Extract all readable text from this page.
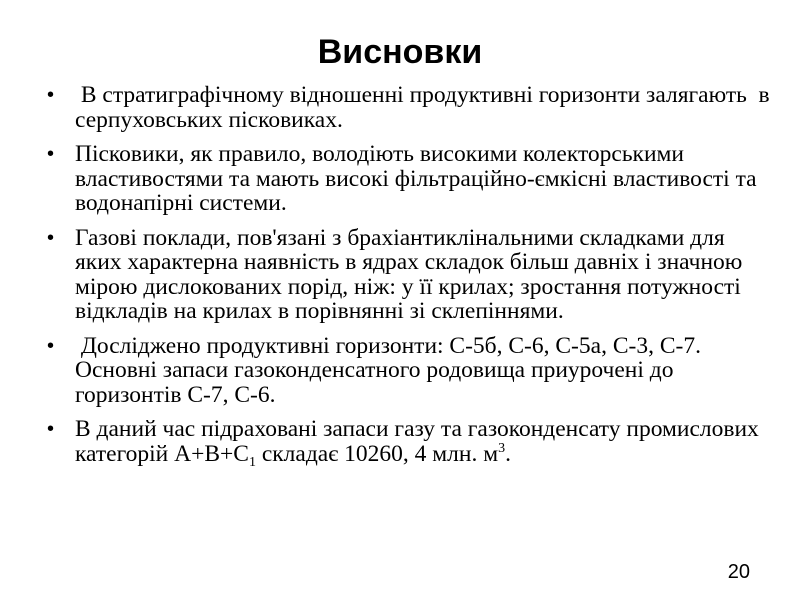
Висновки
• В стратиграфічному відношенні продуктивні горизонти залягають  в серпуховських пісковиках.
• Пісковики, як правило, володіють високими колекторськими властивостями та мають високі фільтраційно-ємкісні властивості та водонапірні системи.
• Газові поклади, пов'язані з брахіантиклінальними складками для яких характерна наявність в ядрах складок більш давніх і значною мірою дислокованих порід, ніж: у її крилах; зростання потужності відкладів на крилах в порівнянні зі склепіннями.
• Досліджено продуктивні горизонти: С-5б, С-6, С-5а, С-3, С-7.  Основні запаси газоконденсатного родовища приурочені до горизонтів С-7, С-6.
• В даний час підраховані запаси газу та газоконденсату промислових категорій $А+В+С_1$ складає 10260, 4 млн. $м^3$.
20
